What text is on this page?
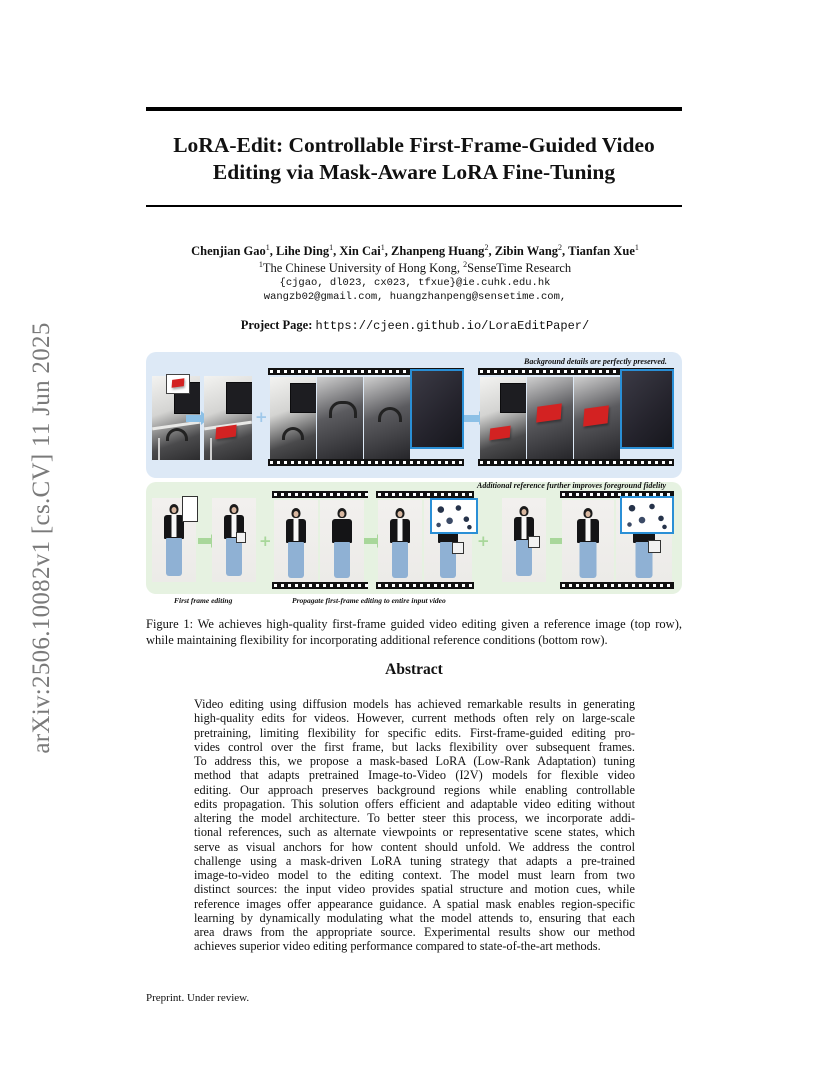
arXiv:2506.10082v1 [cs.CV] 11 Jun 2025
LoRA-Edit: Controllable First-Frame-Guided Video
Editing via Mask-Aware LoRA Fine-Tuning
Chenjian Gao$^1$, Lihe Ding$^1$, Xin Cai$^1$, Zhanpeng Huang$^2$, Zibin Wang$^2$, Tianfan Xue$^1$
$^1$The Chinese University of Hong Kong, $^2$SenseTime Research
{cjgao, dl023, cx023, tfxue}@ie.cuhk.edu.hk
wangzb02@gmail.com, huangzhanpeng@sensetime.com,
Project Page: https://cjeen.github.io/LoraEditPaper/
Background details are perfectly preserved.
+
Additional reference further improves foreground fidelity
+	+
First frame editing	Propagate first-frame editing to entire input video
Figure 1: We achieves high-quality first-frame guided video editing given a reference image (top row), while maintaining flexibility for incorporating additional reference conditions (bottom row).
Abstract
Video editing using diffusion models has achieved remarkable results in generating
high-quality edits for videos. However, current methods often rely on large-scale
pretraining, limiting flexibility for specific edits. First-frame-guided editing pro-
vides control over the first frame, but lacks flexibility over subsequent frames.
To address this, we propose a mask-based LoRA (Low-Rank Adaptation) tuning
method that adapts pretrained Image-to-Video (I2V) models for flexible video
editing. Our approach preserves background regions while enabling controllable
edits propagation. This solution offers efficient and adaptable video editing without
altering the model architecture. To better steer this process, we incorporate addi-
tional references, such as alternate viewpoints or representative scene states, which
serve as visual anchors for how content should unfold. We address the control
challenge using a mask-driven LoRA tuning strategy that adapts a pre-trained
image-to-video model to the editing context. The model must learn from two
distinct sources: the input video provides spatial structure and motion cues, while
reference images offer appearance guidance. A spatial mask enables region-specific
learning by dynamically modulating what the model attends to, ensuring that each
area draws from the appropriate source. Experimental results show our method
achieves superior video editing performance compared to state-of-the-art methods.
Preprint. Under review.
